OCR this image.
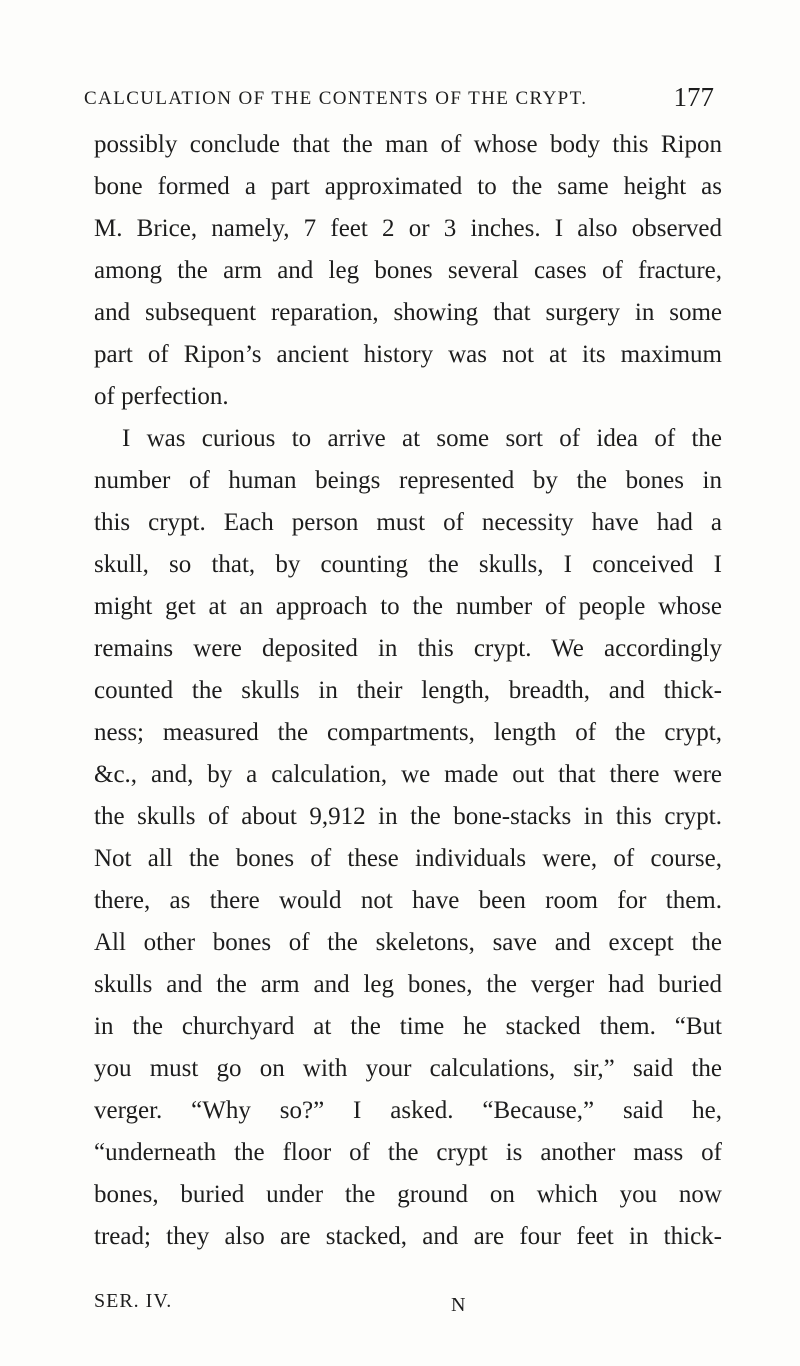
CALCULATION OF THE CONTENTS OF THE CRYPT.	177
possibly conclude that the man of whose body this Ripon
bone formed a part approximated to the same height as
M. Brice, namely, 7 feet 2 or 3 inches. I also observed
among the arm and leg bones several cases of fracture,
and subsequent reparation, showing that surgery in some
part of Ripon’s ancient history was not at its maximum
of perfection.
I was curious to arrive at some sort of idea of the
number of human beings represented by the bones in
this crypt. Each person must of necessity have had a
skull, so that, by counting the skulls, I conceived I
might get at an approach to the number of people whose
remains were deposited in this crypt. We accordingly
counted the skulls in their length, breadth, and thick-
ness; measured the compartments, length of the crypt,
&c., and, by a calculation, we made out that there were
the skulls of about 9,912 in the bone-stacks in this crypt.
Not all the bones of these individuals were, of course,
there, as there would not have been room for them.
All other bones of the skeletons, save and except the
skulls and the arm and leg bones, the verger had buried
in the churchyard at the time he stacked them. “But
you must go on with your calculations, sir,” said the
verger. “Why so?” I asked. “Because,” said he,
“underneath the floor of the crypt is another mass of
bones, buried under the ground on which you now
tread; they also are stacked, and are four feet in thick-
SER. IV.	N
